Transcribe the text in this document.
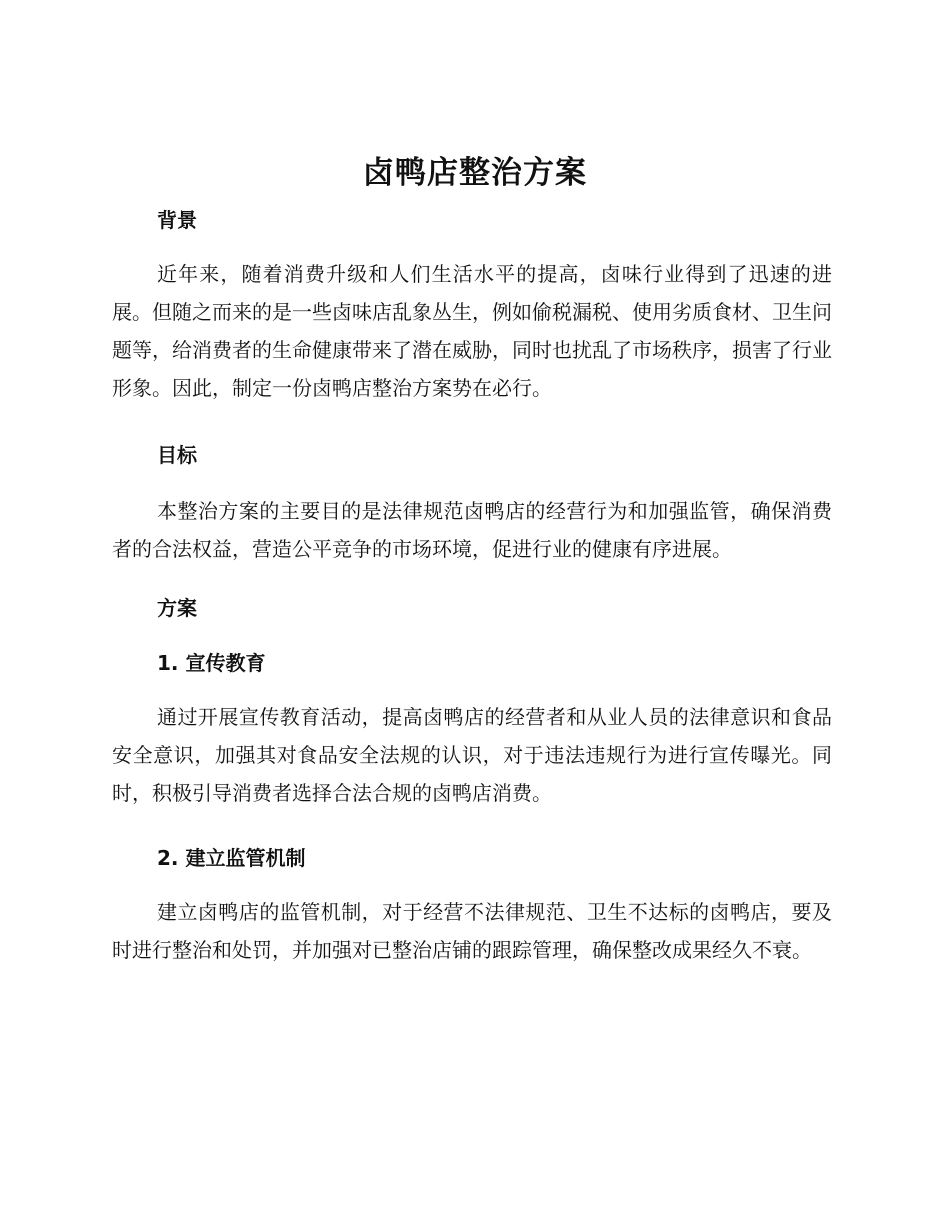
卤鸭店整治方案
背景

近年来，随着消费升级和人们生活水平的提高，卤味行业得到了迅速的进展。但随之而来的是一些卤味店乱象丛生，例如偷税漏税、使用劣质食材、卫生问题等，给消费者的生命健康带来了潜在威胁，同时也扰乱了市场秩序，损害了行业形象。因此，制定一份卤鸭店整治方案势在必行。

目标

本整治方案的主要目的是法律规范卤鸭店的经营行为和加强监管，确保消费者的合法权益，营造公平竞争的市场环境，促进行业的健康有序进展。

方案
1. 宣传教育

通过开展宣传教育活动，提高卤鸭店的经营者和从业人员的法律意识和食品安全意识，加强其对食品安全法规的认识，对于违法违规行为进行宣传曝光。同时，积极引导消费者选择合法合规的卤鸭店消费。

2. 建立监管机制

建立卤鸭店的监管机制，对于经营不法律规范、卫生不达标的卤鸭店，要及时进行整治和处罚，并加强对已整治店铺的跟踪管理，确保整改成果经久不衰。
